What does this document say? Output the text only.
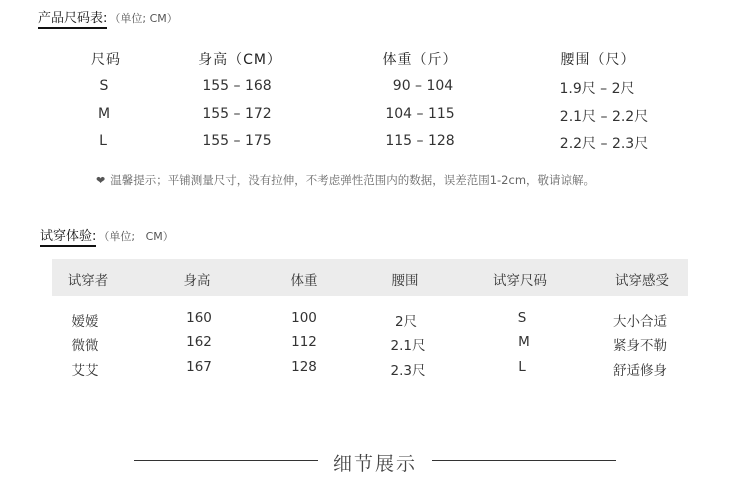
产品尺码表: （单位; CM）
尺码	身高（CM）	体重（斤）	腰围（尺）
S	155 – 168	90 – 104	1.9尺 – 2尺
M	155 – 172	104 – 115	2.1尺 – 2.2尺
L	155 – 175	115 – 128	2.2尺 – 2.3尺
❤ 温馨提示；平铺测量尺寸，没有拉伸，不考虑弹性范围内的数据，误差范围1-2cm，敬请谅解。
试穿体验: （单位;   CM）
试穿者	身高	体重	腰围	试穿尺码	试穿感受
嫒嫒	160	100	2尺	S	大小合适
微微	162	112	2.1尺	M	紧身不勒
艾艾	167	128	2.3尺	L	舒适修身
细节展示
